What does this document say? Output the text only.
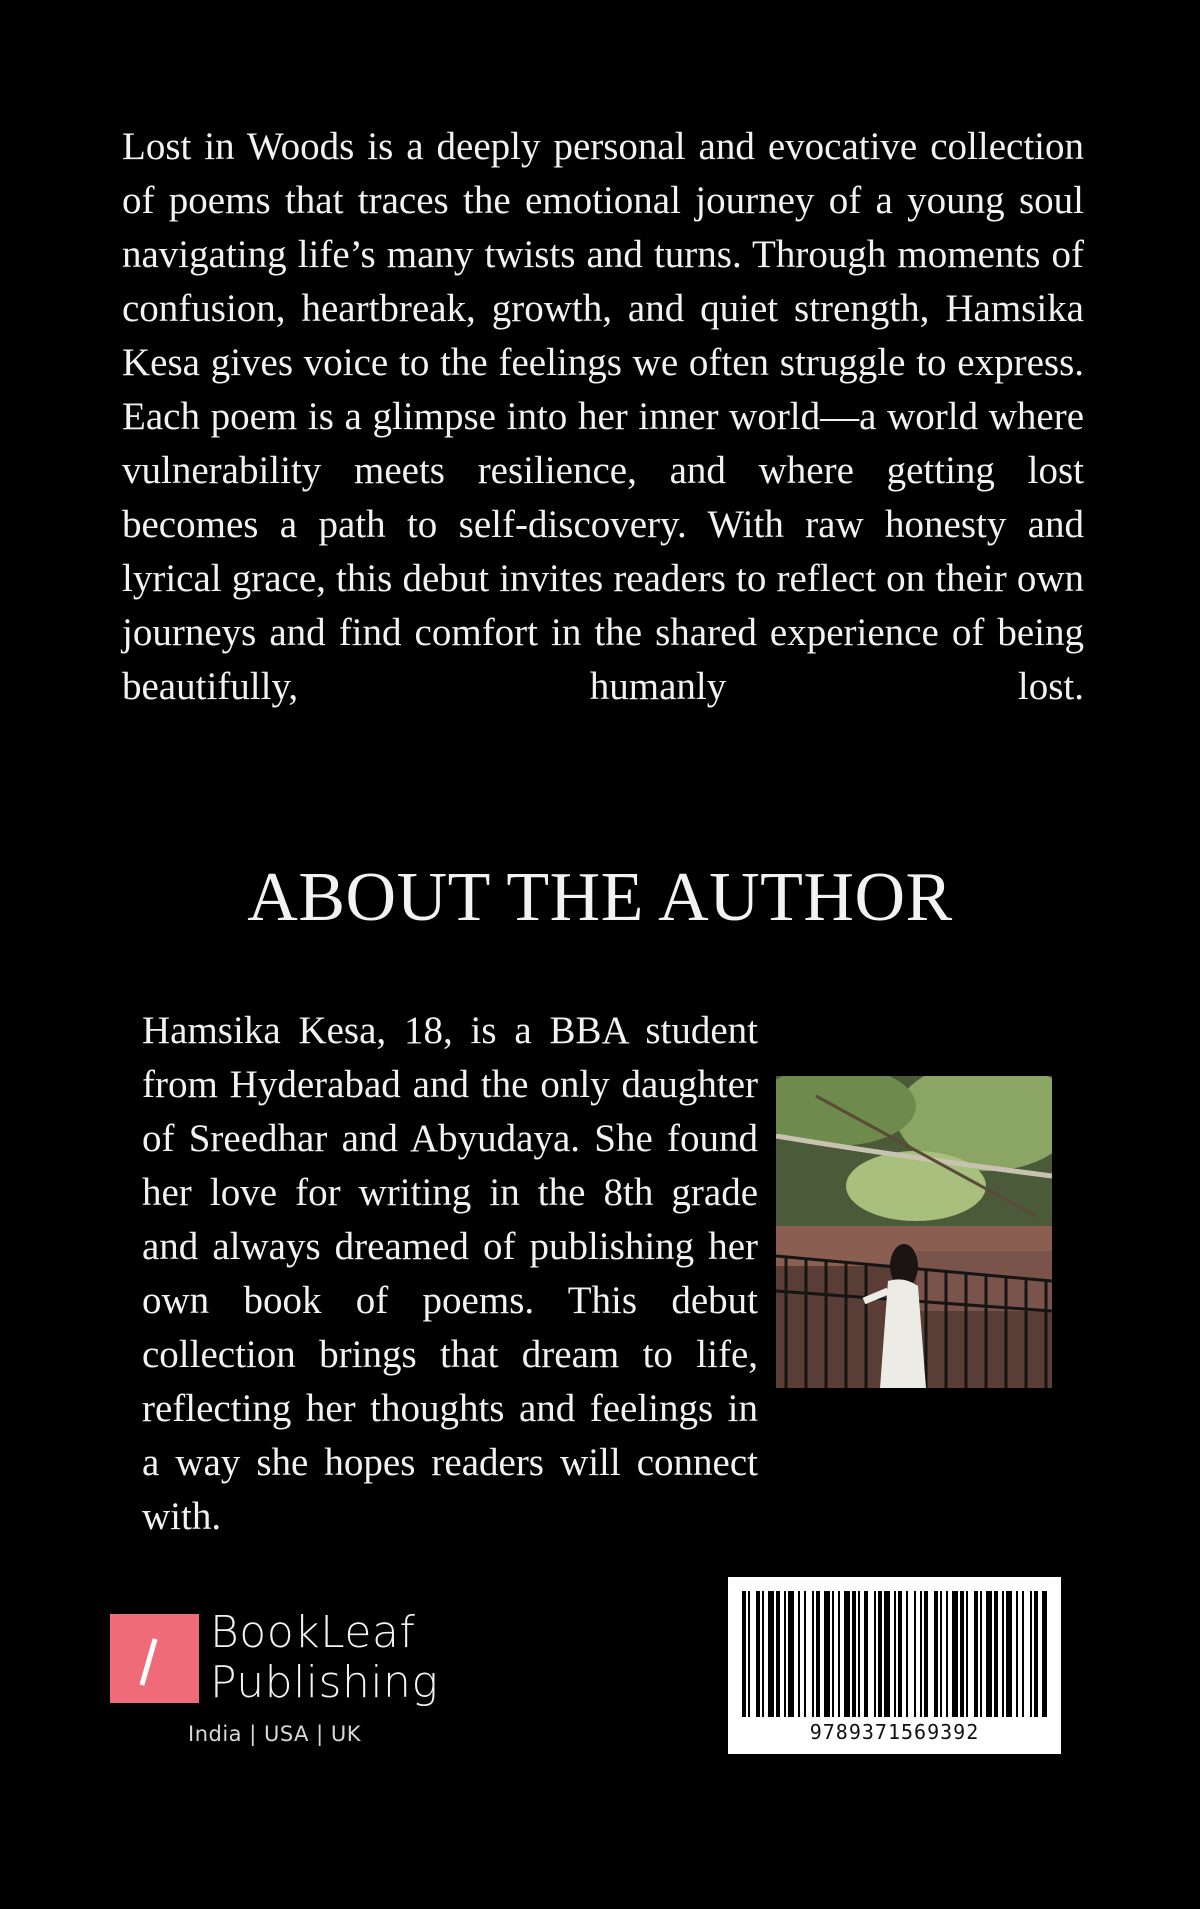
Lost in Woods is a deeply personal and evocative collection of poems that traces the emotional journey of a young soul navigating life’s many twists and turns. Through moments of confusion, heartbreak, growth, and quiet strength, Hamsika Kesa gives voice to the feelings we often struggle to express. Each poem is a glimpse into her inner world—a world where vulnerability meets resilience, and where getting lost becomes a path to self-discovery. With raw honesty and lyrical grace, this debut invites readers to reflect on their own journeys and find comfort in the shared experience of being beautifully, humanly lost.

ABOUT THE AUTHOR

Hamsika Kesa, 18, is a BBA student from Hyderabad and the only daughter of Sreedhar and Abyudaya. She found her love for writing in the 8th grade and always dreamed of publishing her own book of poems. This debut collection brings that dream to life, reflecting her thoughts and feelings in a way she hopes readers will connect with.

BookLeaf
Publishing
India | USA | UK	9789371569392
